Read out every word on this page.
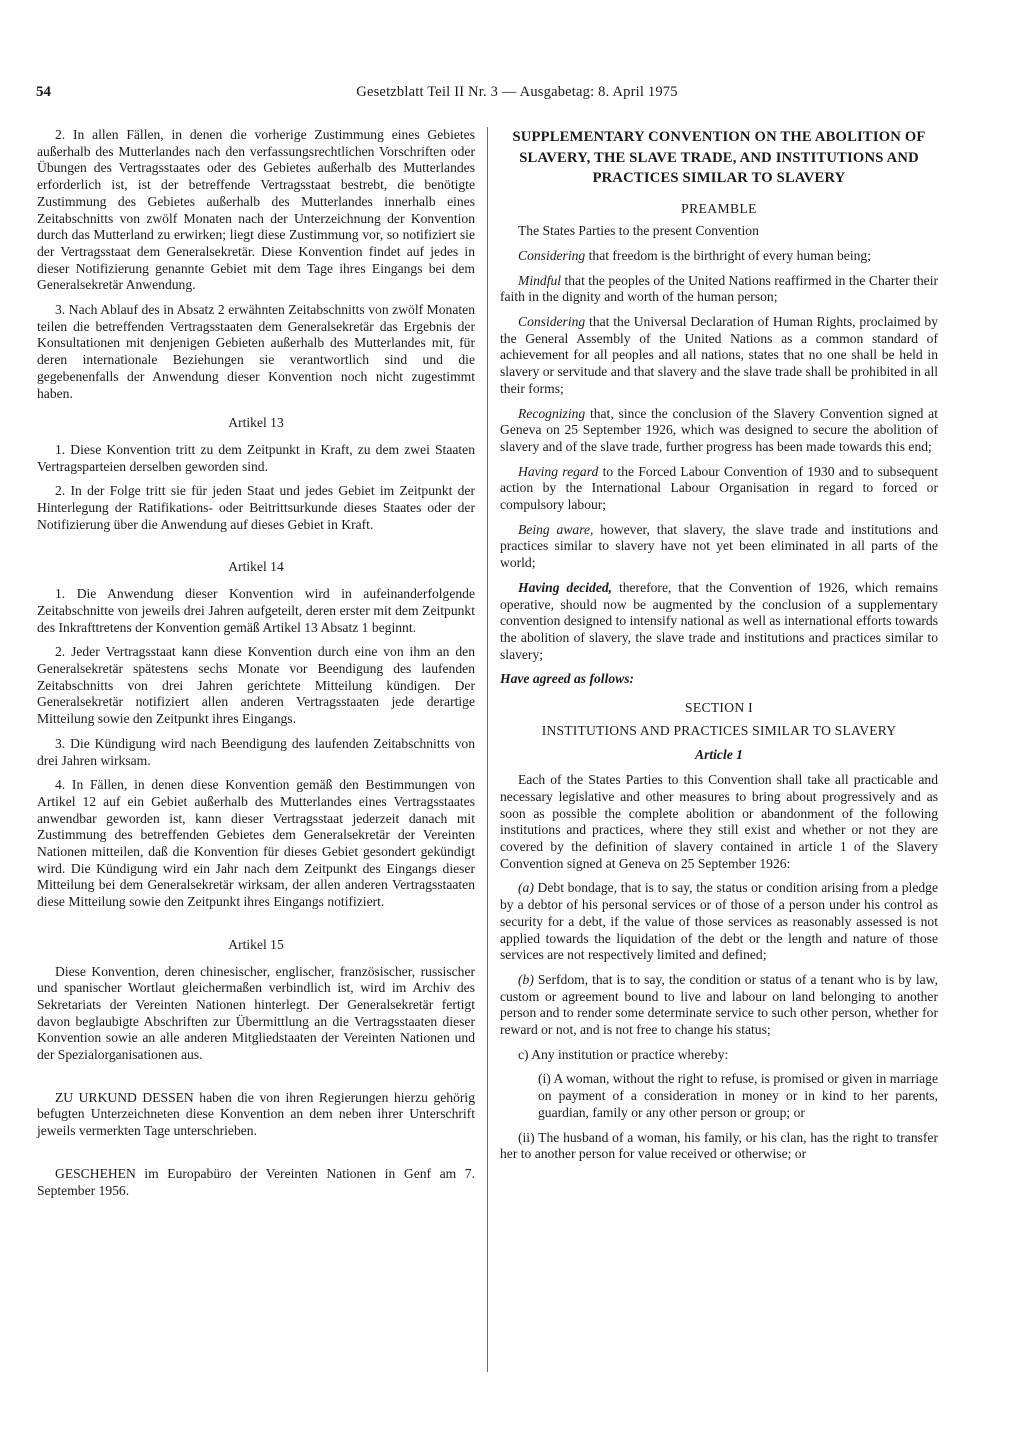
54	Gesetzblatt Teil II Nr. 3 — Ausgabetag: 8. April 1975

2. In allen Fällen, in denen die vorherige Zustimmung eines Gebietes außerhalb des Mutterlandes nach den verfassungsrechtlichen Vorschriften oder Übungen des Vertragsstaates oder des Gebietes außerhalb des Mutterlandes erforderlich ist, ist der betreffende Vertragsstaat bestrebt, die benötigte Zustimmung des Gebietes außerhalb des Mutterlandes innerhalb eines Zeitabschnitts von zwölf Monaten nach der Unterzeichnung der Konvention durch das Mutterland zu erwirken; liegt diese Zustimmung vor, so notifiziert sie der Vertragsstaat dem Generalsekretär. Diese Konvention findet auf jedes in dieser Notifizierung genannte Gebiet mit dem Tage ihres Eingangs bei dem Generalsekretär Anwendung.

3. Nach Ablauf des in Absatz 2 erwähnten Zeitabschnitts von zwölf Monaten teilen die betreffenden Vertragsstaaten dem Generalsekretär das Ergebnis der Konsultationen mit denjenigen Gebieten außerhalb des Mutterlandes mit, für deren internationale Beziehungen sie verantwortlich sind und die gegebenenfalls der Anwendung dieser Konvention noch nicht zugestimmt haben.

Artikel 13

1. Diese Konvention tritt zu dem Zeitpunkt in Kraft, zu dem zwei Staaten Vertragsparteien derselben geworden sind.

2. In der Folge tritt sie für jeden Staat und jedes Gebiet im Zeitpunkt der Hinterlegung der Ratifikations- oder Beitrittsurkunde dieses Staates oder der Notifizierung über die Anwendung auf dieses Gebiet in Kraft.

Artikel 14

1. Die Anwendung dieser Konvention wird in aufeinanderfolgende Zeitabschnitte von jeweils drei Jahren aufgeteilt, deren erster mit dem Zeitpunkt des Inkrafttretens der Konvention gemäß Artikel 13 Absatz 1 beginnt.

2. Jeder Vertragsstaat kann diese Konvention durch eine von ihm an den Generalsekretär spätestens sechs Monate vor Beendigung des laufenden Zeitabschnitts von drei Jahren gerichtete Mitteilung kündigen. Der Generalsekretär notifiziert allen anderen Vertragsstaaten jede derartige Mitteilung sowie den Zeitpunkt ihres Eingangs.

3. Die Kündigung wird nach Beendigung des laufenden Zeitabschnitts von drei Jahren wirksam.

4. In Fällen, in denen diese Konvention gemäß den Bestimmungen von Artikel 12 auf ein Gebiet außerhalb des Mutterlandes eines Vertragsstaates anwendbar geworden ist, kann dieser Vertragsstaat jederzeit danach mit Zustimmung des betreffenden Gebietes dem Generalsekretär der Vereinten Nationen mitteilen, daß die Konvention für dieses Gebiet gesondert gekündigt wird. Die Kündigung wird ein Jahr nach dem Zeitpunkt des Eingangs dieser Mitteilung bei dem Generalsekretär wirksam, der allen anderen Vertragsstaaten diese Mitteilung sowie den Zeitpunkt ihres Eingangs notifiziert.

Artikel 15

Diese Konvention, deren chinesischer, englischer, französischer, russischer und spanischer Wortlaut gleichermaßen verbindlich ist, wird im Archiv des Sekretariats der Vereinten Nationen hinterlegt. Der Generalsekretär fertigt davon beglaubigte Abschriften zur Übermittlung an die Vertragsstaaten dieser Konvention sowie an alle anderen Mitgliedstaaten der Vereinten Nationen und der Spezialorganisationen aus.

ZU URKUND DESSEN haben die von ihren Regierungen hierzu gehörig befugten Unterzeichneten diese Konvention an dem neben ihrer Unterschrift jeweils vermerkten Tage unterschrieben.

GESCHEHEN im Europabüro der Vereinten Nationen in Genf am 7. September 1956.

SUPPLEMENTARY CONVENTION ON THE ABOLITION OF SLAVERY, THE SLAVE TRADE, AND INSTITUTIONS AND PRACTICES SIMILAR TO SLAVERY

PREAMBLE

The States Parties to the present Convention

Considering that freedom is the birthright of every human being;

Mindful that the peoples of the United Nations reaffirmed in the Charter their faith in the dignity and worth of the human person;

Considering that the Universal Declaration of Human Rights, proclaimed by the General Assembly of the United Nations as a common standard of achievement for all peoples and all nations, states that no one shall be held in slavery or servitude and that slavery and the slave trade shall be prohibited in all their forms;

Recognizing that, since the conclusion of the Slavery Convention signed at Geneva on 25 September 1926, which was designed to secure the abolition of slavery and of the slave trade, further progress has been made towards this end;

Having regard to the Forced Labour Convention of 1930 and to subsequent action by the International Labour Organisation in regard to forced or compulsory labour;

Being aware, however, that slavery, the slave trade and institutions and practices similar to slavery have not yet been eliminated in all parts of the world;

Having decided, therefore, that the Convention of 1926, which remains operative, should now be augmented by the conclusion of a supplementary convention designed to intensify national as well as international efforts towards the abolition of slavery, the slave trade and institutions and practices similar to slavery;

Have agreed as follows:

SECTION I

INSTITUTIONS AND PRACTICES SIMILAR TO SLAVERY

Article 1

Each of the States Parties to this Convention shall take all practicable and necessary legislative and other measures to bring about progressively and as soon as possible the complete abolition or abandonment of the following institutions and practices, where they still exist and whether or not they are covered by the definition of slavery contained in article 1 of the Slavery Convention signed at Geneva on 25 September 1926:

(a) Debt bondage, that is to say, the status or condition arising from a pledge by a debtor of his personal services or of those of a person under his control as security for a debt, if the value of those services as reasonably assessed is not applied towards the liquidation of the debt or the length and nature of those services are not respectively limited and defined;

(b) Serfdom, that is to say, the condition or status of a tenant who is by law, custom or agreement bound to live and labour on land belonging to another person and to render some determinate service to such other person, whether for reward or not, and is not free to change his status;

c) Any institution or practice whereby:

(i) A woman, without the right to refuse, is promised or given in marriage on payment of a consideration in money or in kind to her parents, guardian, family or any other person or group; or

(ii) The husband of a woman, his family, or his clan, has the right to transfer her to another person for value received or otherwise; or
